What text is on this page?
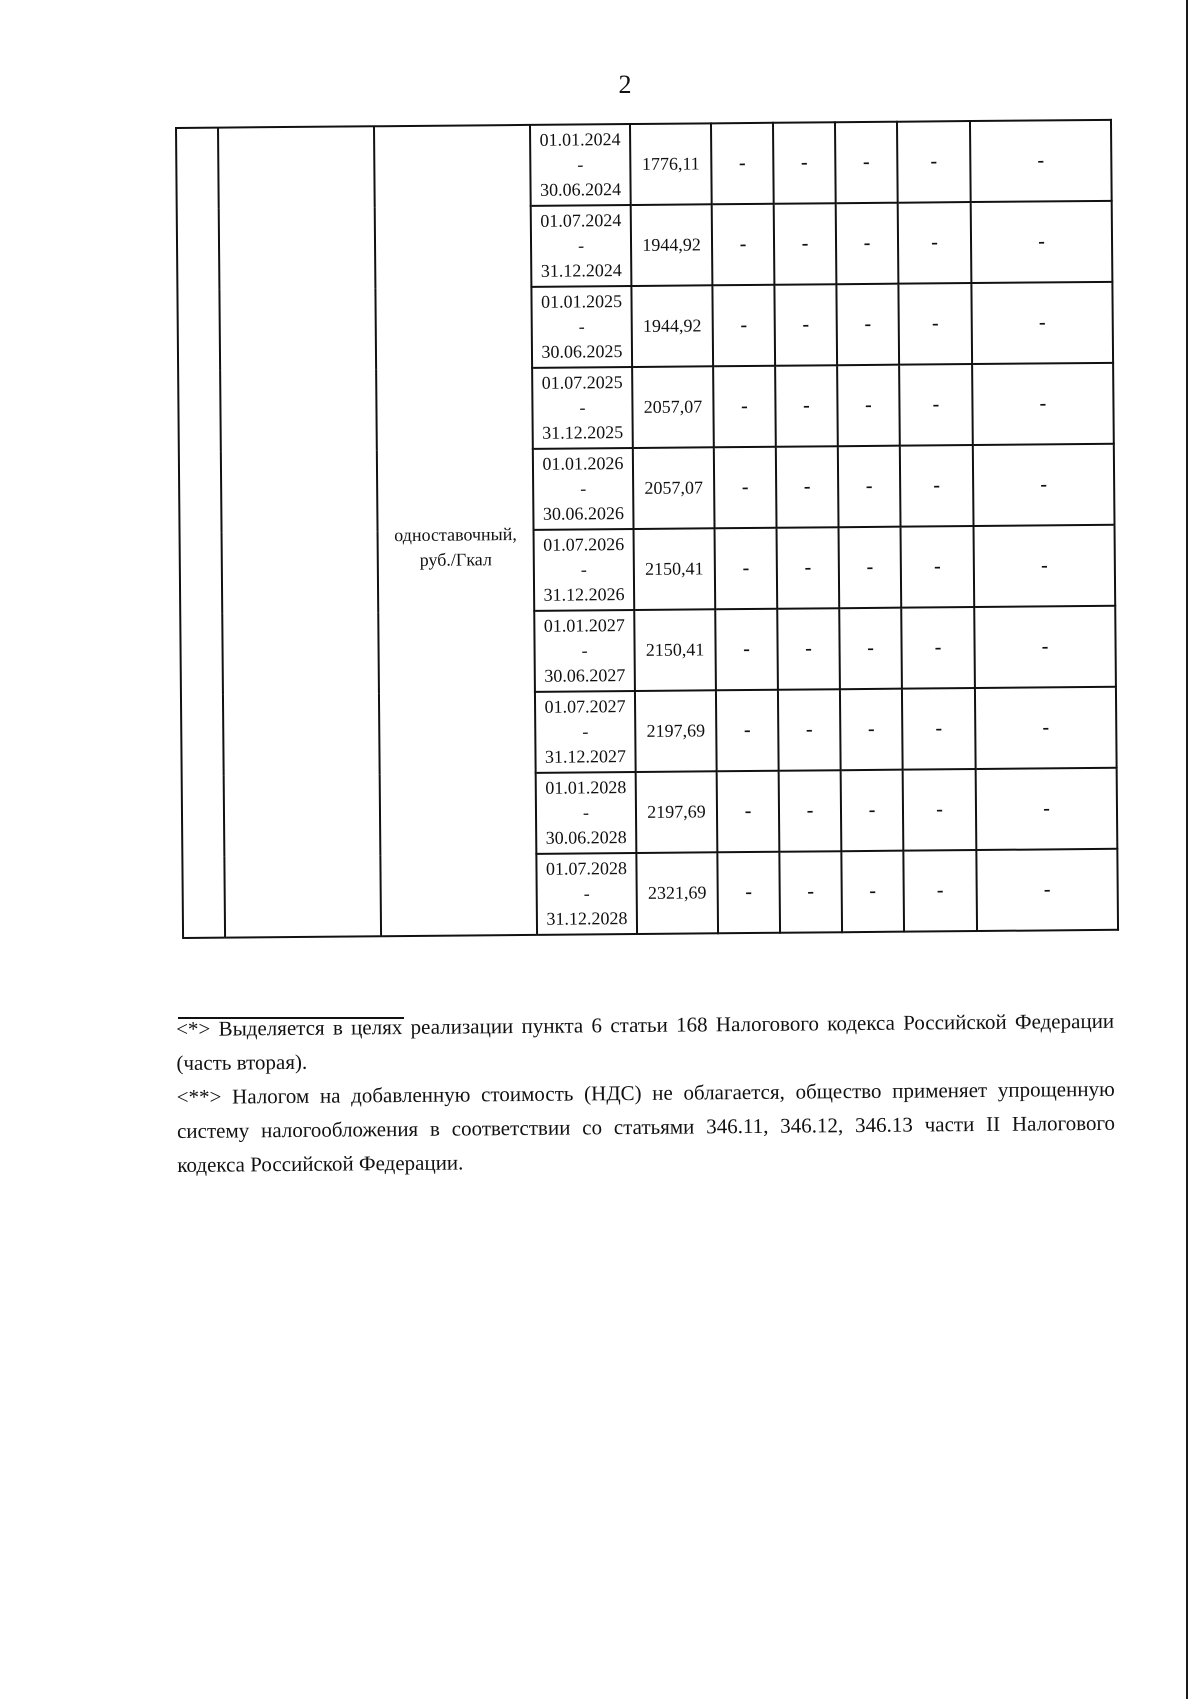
2

		одноставочный,
руб./Гкал	01.01.2024
-
30.06.2024	1776,11	-	-	-	-	-

			01.07.2024
-
31.12.2024	1944,92	-	-	-	-	-

			01.01.2025
-
30.06.2025	1944,92	-	-	-	-	-

			01.07.2025
-
31.12.2025	2057,07	-	-	-	-	-

			01.01.2026
-
30.06.2026	2057,07	-	-	-	-	-

			01.07.2026
-
31.12.2026	2150,41	-	-	-	-	-

			01.01.2027
-
30.06.2027	2150,41	-	-	-	-	-

			01.07.2027
-
31.12.2027	2197,69	-	-	-	-	-

			01.01.2028
-
30.06.2028	2197,69	-	-	-	-	-

			01.07.2028
-
31.12.2028	2321,69	-	-	-	-	-

<*> Выделяется в целях реализации пункта 6 статьи 168 Налогового кодекса Российской Федерации (часть вторая).

<**> Налогом на добавленную стоимость (НДС) не облагается, общество применяет упрощенную систему налогообложения в соответствии со статьями 346.11, 346.12, 346.13 части II Налогового кодекса Российской Федерации.
